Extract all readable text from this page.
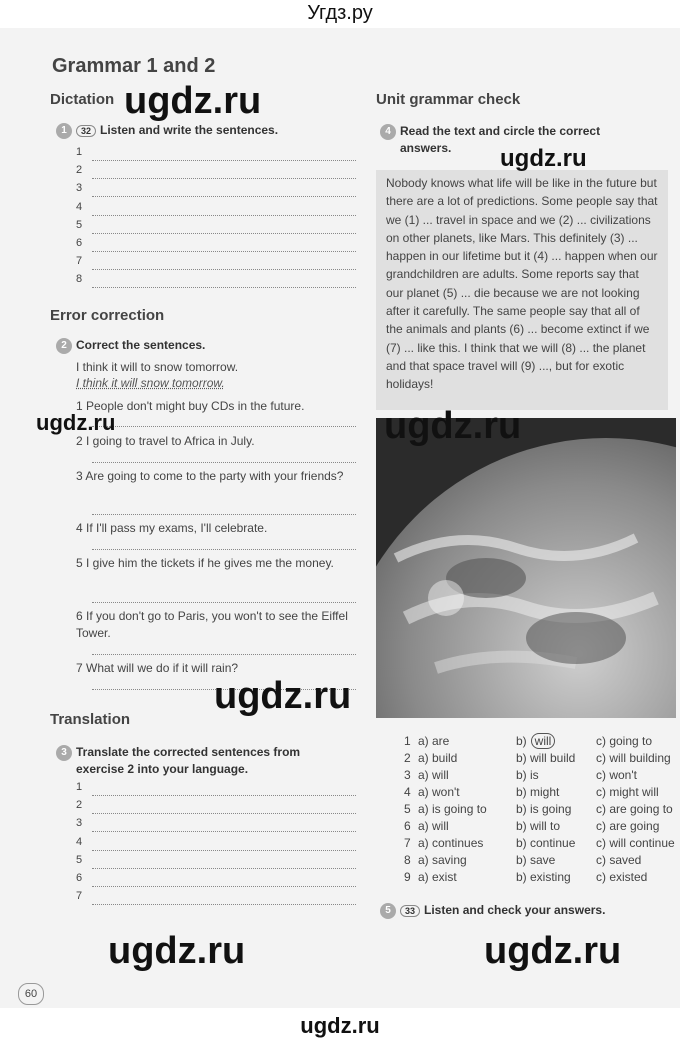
Угдз.ру
Grammar 1 and 2
Dictation
1 32 Listen and write the sentences.
1
2
3
4
5
6
7
8
Error correction
2 Correct the sentences.
I think it will to snow tomorrow.
I think it will snow tomorrow.
1 People don't might buy CDs in the future.
2 I going to travel to Africa in July.
3 Are going to come to the party with your friends?
4 If I'll pass my exams, I'll celebrate.
5 I give him the tickets if he gives me the money.
6 If you don't go to Paris, you won't to see the Eiffel Tower.
7 What will we do if it will rain?
Translation
3 Translate the corrected sentences from
exercise 2 into your language.
1
2
3
4
5
6
7
Unit grammar check
4 Read the text and circle the correct
answers.
Nobody knows what life will be like in the future but there are a lot of predictions. Some people say that we (1) ... travel in space and we (2) ... civilizations on other planets, like Mars. This definitely (3) ... happen in our lifetime but it (4) ... happen when our grandchildren are adults. Some reports say that our planet (5) ... die because we are not looking after it carefully. The same people say that all of the animals and plants (6) ... become extinct if we (7) ... like this. I think that we will (8) ... the planet and that space travel will (9) ..., but for exotic holidays!
1 a) are	b) will	c) going to
2 a) build	b) will build c) will building
3 a) will	b) is	c) won't
4 a) won't	b) might	c) might will
5 a) is going to b) is going c) are going to
6 a) will	b) will to	c) are going
7 a) continues	b) continue c) will continue
8 a) saving	b) save	c) saved
9 a) exist	b) existing c) existed
5 33 Listen and check your answers.
60
ugdz.ru
ugdz.ru
ugdz.ru	ugdz.ru
ugdz.ru
ugdz.ru	ugdz.ru
ugdz.ru
